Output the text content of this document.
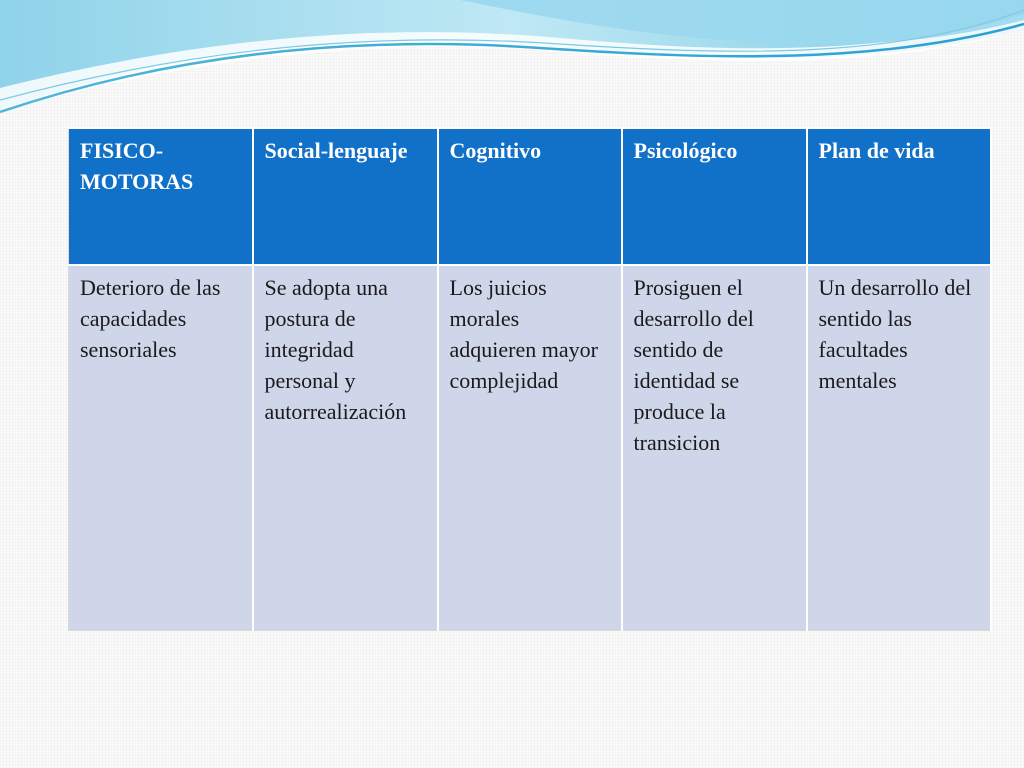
FISICO-MOTORAS	Social-lenguaje	Cognitivo	Psicológico	Plan de vida
Deterioro de las capacidades sensoriales	Se adopta una postura de integridad personal y autorrealización	Los juicios morales adquieren mayor complejidad	Prosiguen el desarrollo del sentido de identidad se produce la transicion	Un desarrollo del sentido las facultades mentales
